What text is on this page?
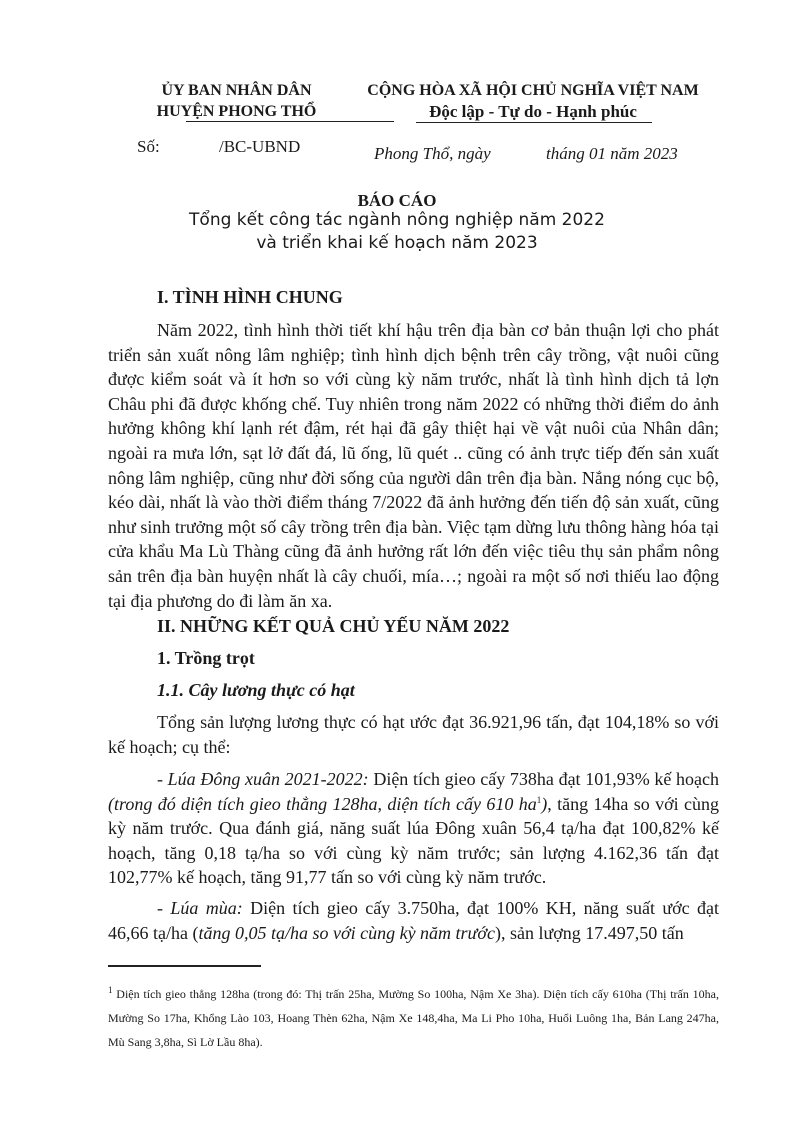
ỦY BAN NHÂN DÂN
HUYỆN PHONG THỔ
CỘNG HÒA XÃ HỘI CHỦ NGHĨA VIỆT NAM
Độc lập - Tự do - Hạnh phúc
Số:	/BC-UBND	Phong Thổ, ngày	tháng 01 năm 2023
BÁO CÁO
Tổng kết công tác ngành nông nghiệp năm 2022
và triển khai kế hoạch năm 2023
I. TÌNH HÌNH CHUNG

Năm 2022, tình hình thời tiết khí hậu trên địa bàn cơ bản thuận lợi cho phát triển sản xuất nông lâm nghiệp; tình hình dịch bệnh trên cây trồng, vật nuôi cũng được kiểm soát và ít hơn so với cùng kỳ năm trước, nhất là tình hình dịch tả lợn Châu phi đã được khống chế. Tuy nhiên trong năm 2022 có những thời điểm do ảnh hưởng không khí lạnh rét đậm, rét hại đã gây thiệt hại về vật nuôi của Nhân dân; ngoài ra mưa lớn, sạt lở đất đá, lũ ống, lũ quét .. cũng có ảnh trực tiếp đến sản xuất nông lâm nghiệp, cũng như đời sống của người dân trên địa bàn. Nắng nóng cục bộ, kéo dài, nhất là vào thời điểm tháng 7/2022 đã ảnh hưởng đến tiến độ sản xuất, cũng như sinh trưởng một số cây trồng trên địa bàn. Việc tạm dừng lưu thông hàng hóa tại cửa khẩu Ma Lù Thàng cũng đã ảnh hưởng rất lớn đến việc tiêu thụ sản phẩm nông sản trên địa bàn huyện nhất là cây chuối, mía…; ngoài ra một số nơi thiếu lao động tại địa phương do đi làm ăn xa.

II. NHỮNG KẾT QUẢ CHỦ YẾU NĂM 2022
1. Trồng trọt
1.1. Cây lương thực có hạt

Tổng sản lượng lương thực có hạt ước đạt 36.921,96 tấn, đạt 104,18% so với kế hoạch; cụ thể:

- Lúa Đông xuân 2021-2022: Diện tích gieo cấy 738ha đạt 101,93% kế hoạch (trong đó diện tích gieo thẳng 128ha, diện tích cấy 610 $ha^1$), tăng 14ha so với cùng kỳ năm trước. Qua đánh giá, năng suất lúa Đông xuân 56,4 tạ/ha đạt 100,82% kế hoạch, tăng 0,18 tạ/ha so với cùng kỳ năm trước; sản lượng 4.162,36 tấn đạt 102,77% kế hoạch, tăng 91,77 tấn so với cùng kỳ năm trước.

- Lúa mùa: Diện tích gieo cấy 3.750ha, đạt 100% KH, năng suất ước đạt 46,66 tạ/ha (tăng 0,05 tạ/ha so với cùng kỳ năm trước), sản lượng 17.497,50 tấn

$^1$ Diện tích gieo thẳng 128ha (trong đó: Thị trấn 25ha, Mường So 100ha, Nậm Xe 3ha). Diện tích cấy 610ha (Thị trấn 10ha, Mường So 17ha, Khổng Lào 103, Hoang Thèn 62ha, Nậm Xe 148,4ha, Ma Li Pho 10ha, Huổi Luông 1ha, Bản Lang 247ha, Mù Sang 3,8ha, Sì Lờ Lầu 8ha).
